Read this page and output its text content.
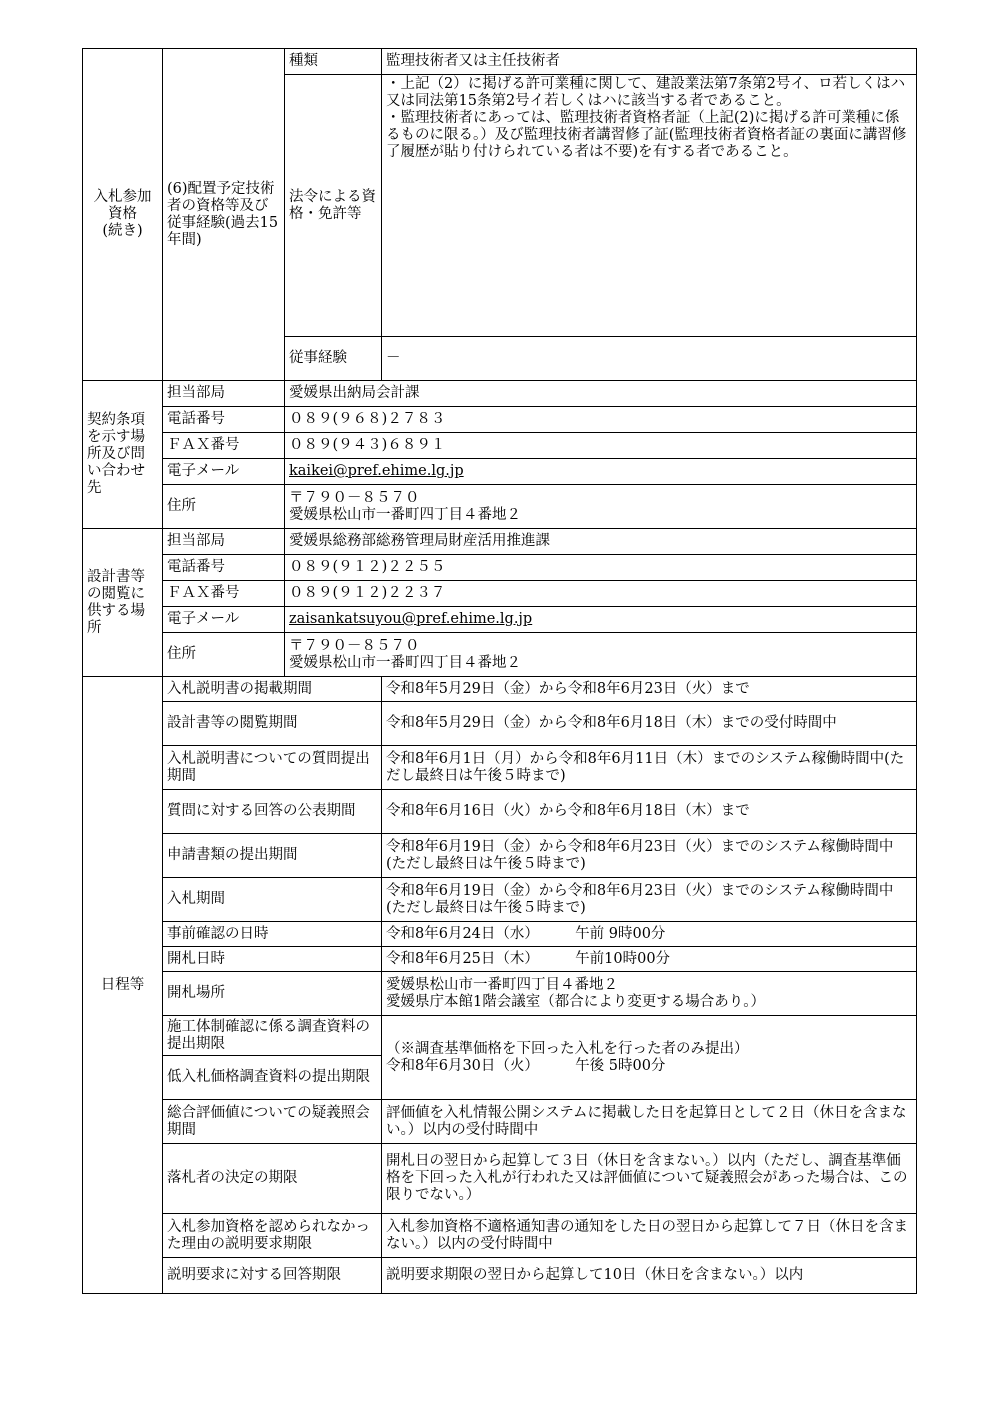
入札参加
資格
(続き)	(6)配置予定技術者の資格等及び従事経験(過去15年間)	種類	監理技術者又は主任技術者
		法令による資格・免許等	・上記（2）に掲げる許可業種に関して、建設業法第7条第2号イ、ロ若しくはハ又は同法第15条第2号イ若しくはハに該当する者であること。
・監理技術者にあっては、監理技術者資格者証（上記(2)に掲げる許可業種に係るものに限る。）及び監理技術者講習修了証(監理技術者資格者証の裏面に講習修了履歴が貼り付けられている者は不要)を有する者であること。
		従事経験	－
契約条項を示す場所及び問い合わせ先	担当部局	愛媛県出納局会計課	
	電話番号	０８９(９６８)２７８３	
	ＦＡＸ番号	０８９(９４３)６８９１	
	電子メール	kaikei@pref.ehime.lg.jp	
	住所	〒７９０－８５７０
愛媛県松山市一番町四丁目４番地２	
設計書等の閲覧に供する場所	担当部局	愛媛県総務部総務管理局財産活用推進課	
	電話番号	０８９(９１２)２２５５	
	ＦＡＸ番号	０８９(９１２)２２３７	
	電子メール	zaisankatsuyou@pref.ehime.lg.jp	
	住所	〒７９０－８５７０
愛媛県松山市一番町四丁目４番地２	
日程等	入札説明書の掲載期間		令和8年5月29日（金）から令和8年6月23日（火）まで
	設計書等の閲覧期間		令和8年5月29日（金）から令和8年6月18日（木）までの受付時間中
	入札説明書についての質問提出期間		令和8年6月1日（月）から令和8年6月11日（木）までのシステム稼働時間中(ただし最終日は午後５時まで)
	質問に対する回答の公表期間		令和8年6月16日（火）から令和8年6月18日（木）まで
	申請書類の提出期間		令和8年6月19日（金）から令和8年6月23日（火）までのシステム稼働時間中(ただし最終日は午後５時まで)
	入札期間		令和8年6月19日（金）から令和8年6月23日（火）までのシステム稼働時間中(ただし最終日は午後５時まで)
	事前確認の日時		令和8年6月24日（水）　　　午前 9時00分
	開札日時		令和8年6月25日（木）　　　午前10時00分
	開札場所		愛媛県松山市一番町四丁目４番地２
愛媛県庁本館1階会議室（都合により変更する場合あり。）
	施工体制確認に係る調査資料の提出期限		（※調査基準価格を下回った入札を行った者のみ提出）
令和8年6月30日（火）　　　午後 5時00分
	低入札価格調査資料の提出期限		
	総合評価値についての疑義照会期間		評価値を入札情報公開システムに掲載した日を起算日として２日（休日を含まない。）以内の受付時間中
	落札者の決定の期限		開札日の翌日から起算して３日（休日を含まない。）以内（ただし、調査基準価格を下回った入札が行われた又は評価値について疑義照会があった場合は、この限りでない。）
	入札参加資格を認められなかった理由の説明要求期限		入札参加資格不適格通知書の通知をした日の翌日から起算して７日（休日を含まない。）以内の受付時間中
	説明要求に対する回答期限		説明要求期限の翌日から起算して10日（休日を含まない。）以内
